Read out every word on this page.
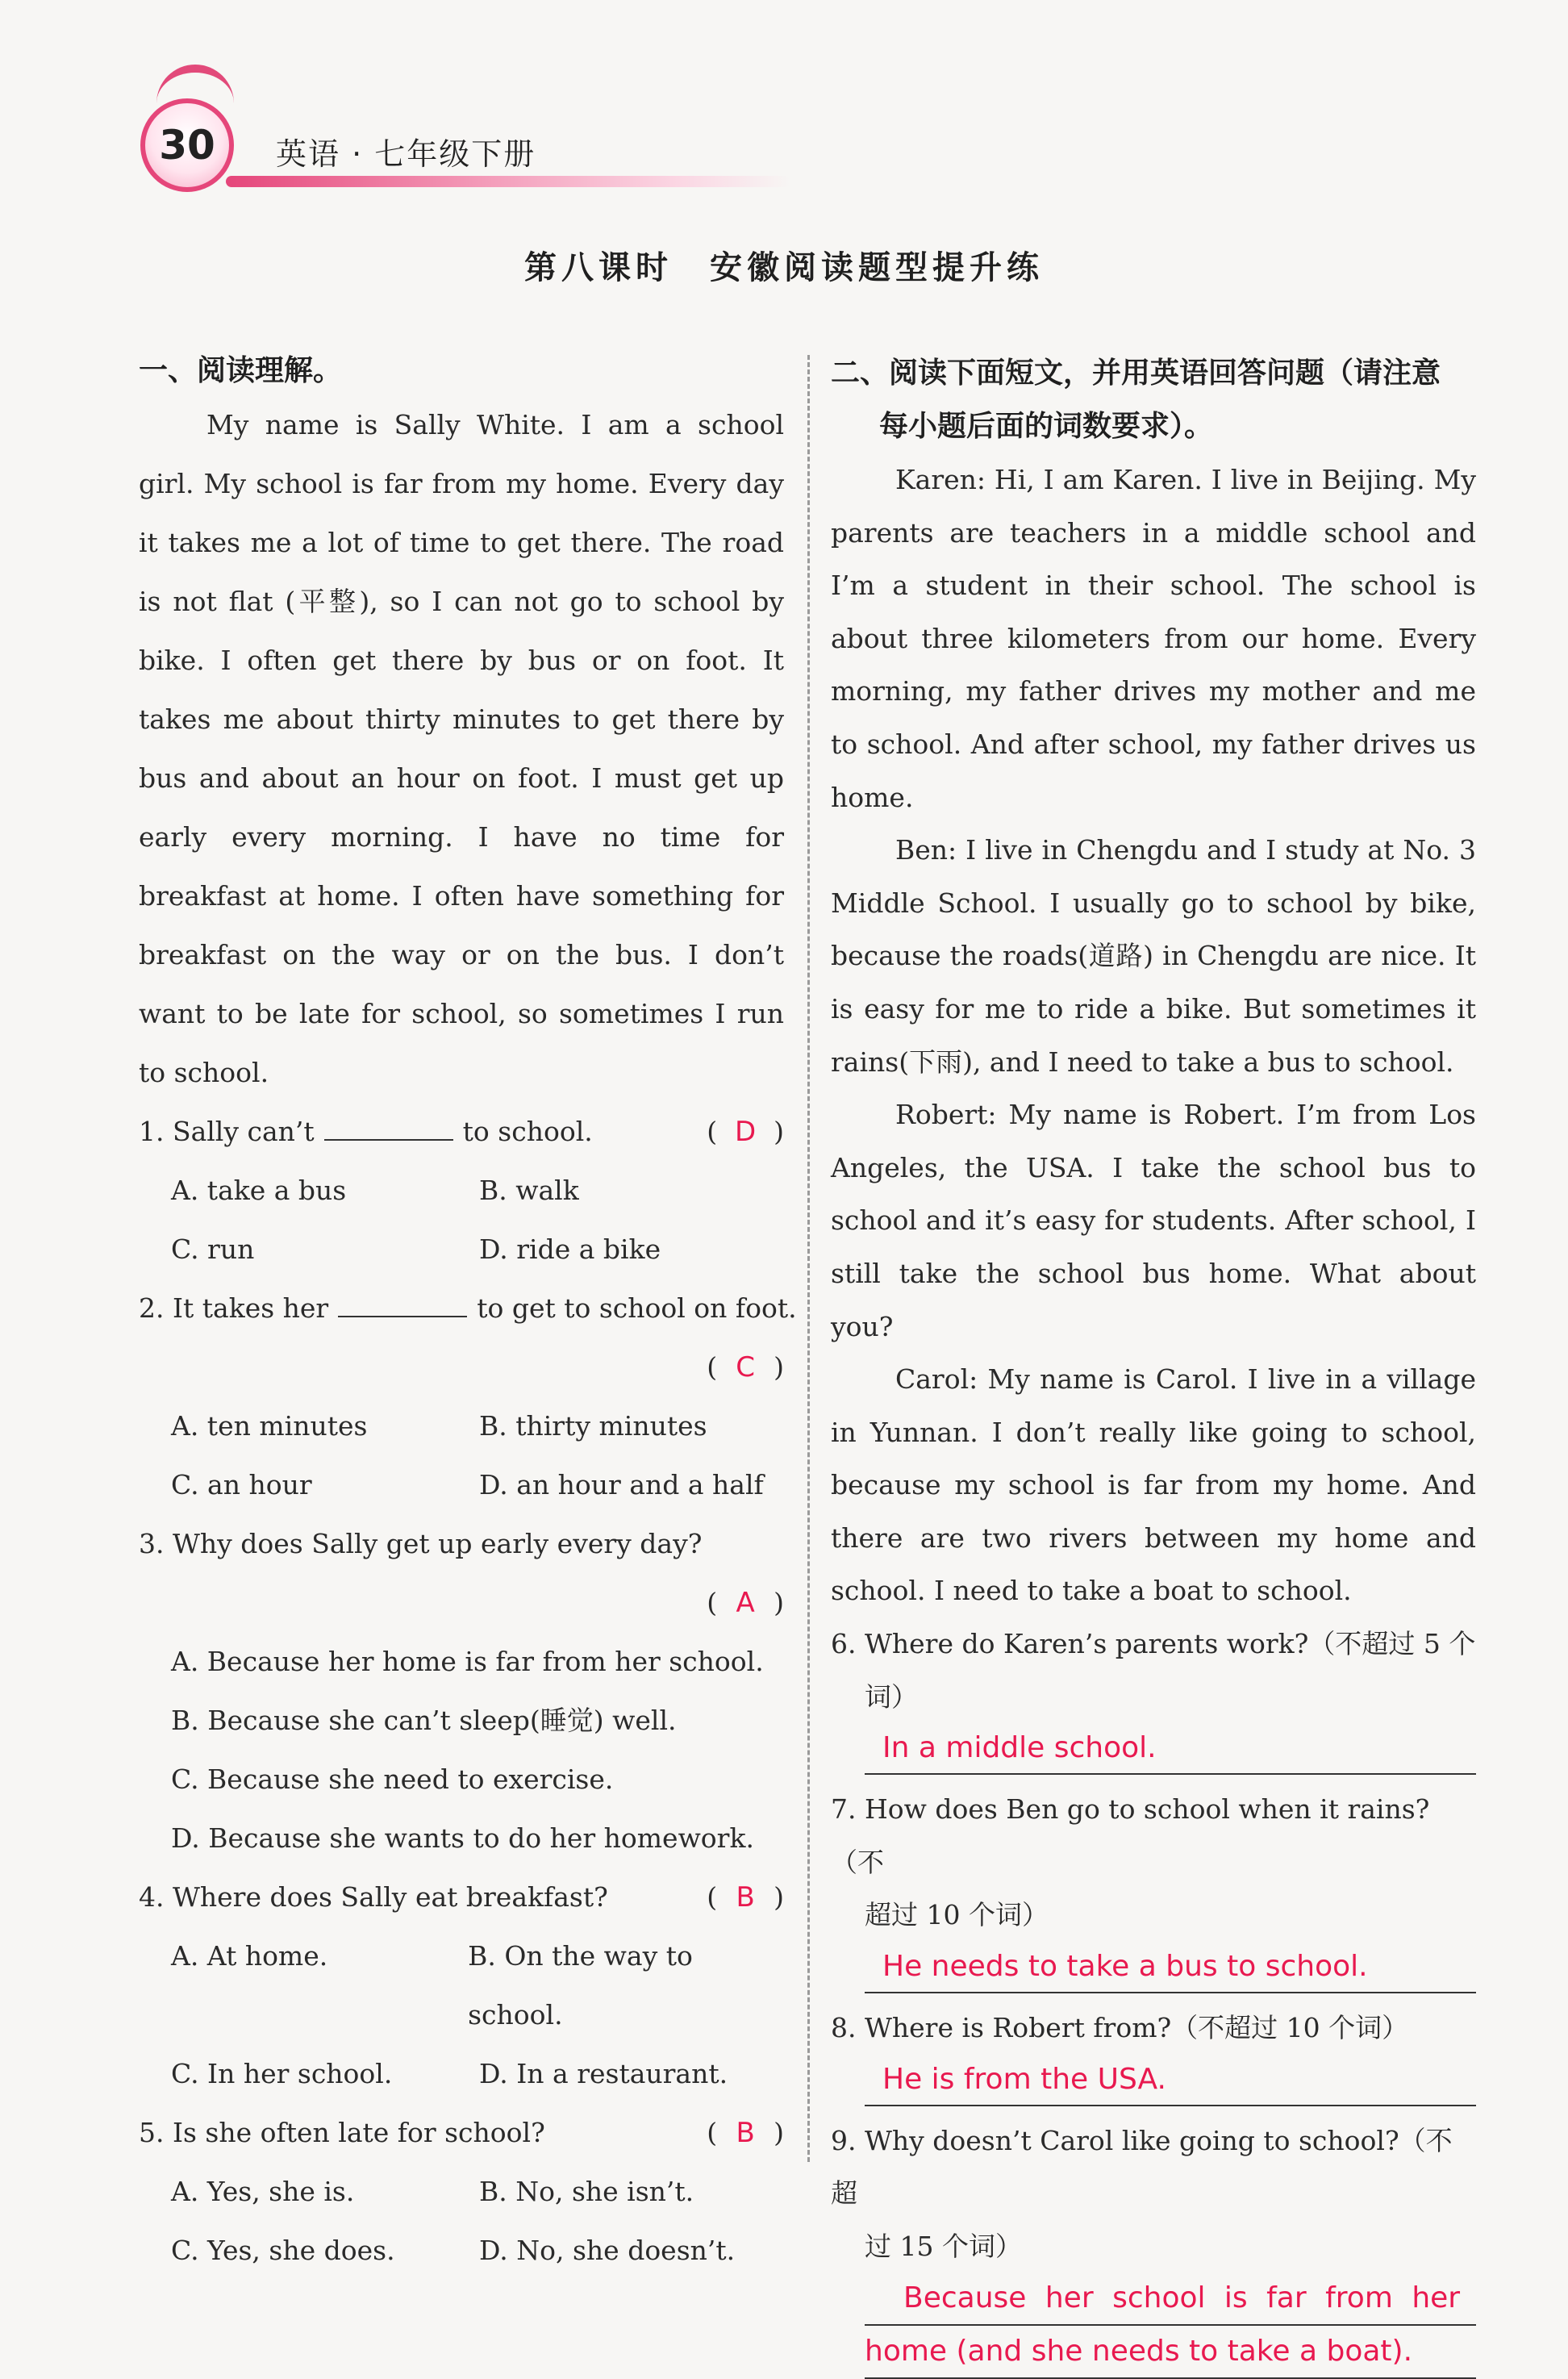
30	英语 · 七年级下册
第八课时　安徽阅读题型提升练
一、阅读理解。

My name is Sally White. I am a school girl. My school is far from my home. Every day it takes me a lot of time to get there. The road is not flat (平整), so I can not go to school by bike. I often get there by bus or on foot. It takes me about thirty minutes to get there by bus and about an hour on foot. I must get up early every morning. I have no time for breakfast at home. I often have something for breakfast on the way or on the bus. I don’t want to be late for school, so sometimes I run to school.

1. Sally can’t	to school.	( D )
A. take a bus	B. walk
C. run	D. ride a bike
2. It takes her	to get to school on foot.

( C )
A. ten minutes	B. thirty minutes
C. an hour	D. an hour and a half
3. Why does Sally get up early every day?

( A )
A. Because her home is far from her school.
B. Because she can’t sleep(睡觉) well.
C. Because she need to exercise.
D. Because she wants to do her homework.
4. Where does Sally eat breakfast?	( B )
A. At home.	B. On the way to school.
C. In her school.	D. In a restaurant.
5. Is she often late for school?	( B )
A. Yes, she is.	B. No, she isn’t.
C. Yes, she does.	D. No, she doesn’t.
二、阅读下面短文，并用英语回答问题（请注意
每小题后面的词数要求）。

Karen: Hi, I am Karen. I live in Beijing. My parents are teachers in a middle school and I’m a student in their school. The school is about three kilometers from our home. Every morning, my father drives my mother and me to school. And after school, my father drives us home.

Ben: I live in Chengdu and I study at No. 3 Middle School. I usually go to school by bike, because the roads(道路) in Chengdu are nice. It is easy for me to ride a bike. But sometimes it rains(下雨), and I need to take a bus to school.

Robert: My name is Robert. I’m from Los Angeles, the USA. I take the school bus to school and it’s easy for students. After school, I still take the school bus home. What about you?

Carol: My name is Carol. I live in a village in Yunnan. I don’t really like going to school, because my school is far from my home. And there are two rivers between my home and school. I need to take a boat to school.

6. Where do Karen’s parents work?（不超过 5 个
词）
In a middle school.
7. How does Ben go to school when it rains?（不
超过 10 个词）
He needs to take a bus to school.
8. Where is Robert from?（不超过 10 个词）
He is from the USA.
9. Why doesn’t Carol like going to school?（不超
过 15 个词）
Because her school is far from her
home (and she needs to take a boat).
